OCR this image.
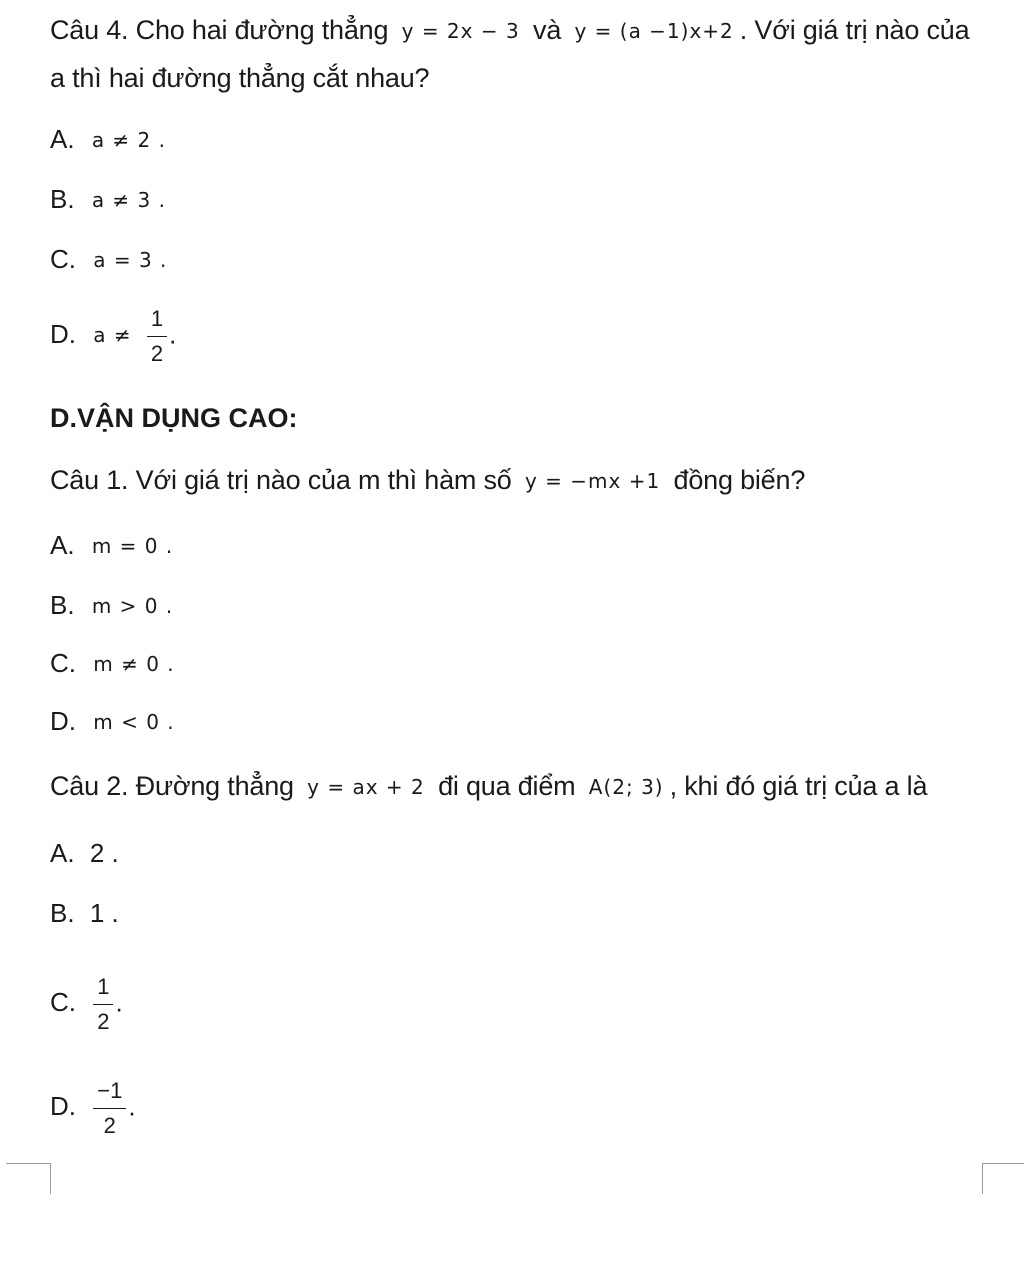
Câu 4. Cho hai đường thẳng y = 2x − 3 và y = (a −1)x+2 . Với giá trị nào của
a thì hai đường thẳng cắt nhau?
A. a ≠ 2 .
B. a ≠ 3 .
C. a = 3 .
D. $a \ne \frac{1}{2}$ .
D.VẬN DỤNG CAO:
Câu 1. Với giá trị nào của m thì hàm số y = −mx +1 đồng biến?
A. m = 0 .
B. m > 0 .
C. m ≠ 0 .
D. m < 0 .
Câu 2. Đường thẳng y = ax + 2 đi qua điểm A(2; 3) , khi đó giá trị của a là
A. 2 .
B. 1 .
C. $\frac{1}{2}$ .
D. $\frac{-1}{2}$ .
